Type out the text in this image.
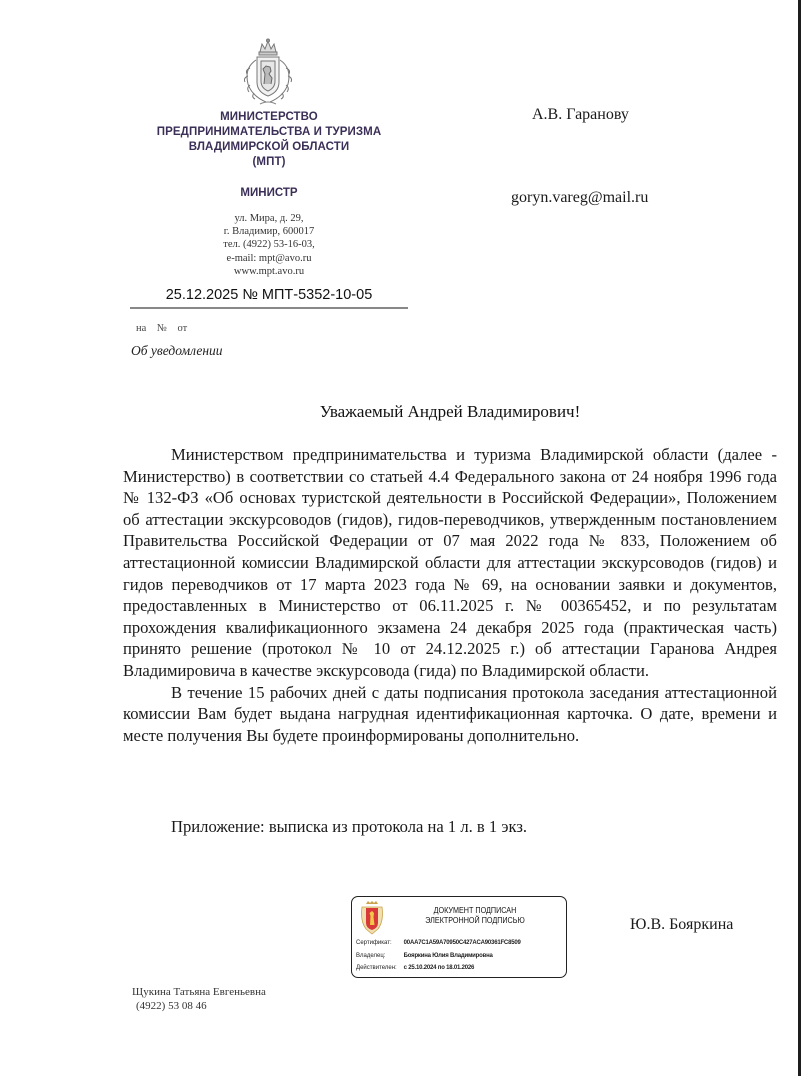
МИНИСТЕРСТВО
ПРЕДПРИНИМАТЕЛЬСТВА И ТУРИЗМА
ВЛАДИМИРСКОЙ ОБЛАСТИ
(МПТ)
МИНИСТР
ул. Мира, д. 29,
г. Владимир, 600017
тел. (4922) 53-16-03,
e-mail: mpt@avo.ru
www.mpt.avo.ru
25.12.2025 № МПТ-5352-10-05
на № от
Об уведомлении
А.В. Гаранову
goryn.vareg@mail.ru
Уважаемый Андрей Владимирович!

Министерством предпринимательства и туризма Владимирской области (далее - Министерство) в соответствии со статьей 4.4 Федерального закона от 24 ноября 1996 года № 132-ФЗ «Об основах туристской деятельности в Российской Федерации», Положением об аттестации экскурсоводов (гидов), гидов-переводчиков, утвержденным постановлением Правительства Российской Федерации от 07 мая 2022 года № 833, Положением об аттестационной комиссии Владимирской области для аттестации экскурсоводов (гидов) и гидов переводчиков от 17 марта 2023 года № 69, на основании заявки и документов, предоставленных в Министерство от 06.11.2025 г. № 00365452, и по результатам прохождения квалификационного экзамена 24 декабря 2025 года (практическая часть) принято решение (протокол № 10 от 24.12.2025 г.) об аттестации Гаранова Андрея Владимировича в качестве экскурсовода (гида) по Владимирской области.

В течение 15 рабочих дней с даты подписания протокола заседания аттестационной комиссии Вам будет выдана нагрудная идентификационная карточка. О дате, времени и месте получения Вы будете проинформированы дополнительно.

Приложение: выписка из протокола на 1 л. в 1 экз.
ДОКУМЕНТ ПОДПИСАН
ЭЛЕКТРОННОЙ ПОДПИСЬЮ
Сертификат: 00AA7C1A59A70950C427ACA90361FC8509
Владелец:	Бояркина Юлия Владимировна
Действителен: с 25.10.2024 по 18.01.2026
Ю.В. Бояркина
Щукина Татьяна Евгеньевна
(4922) 53 08 46
